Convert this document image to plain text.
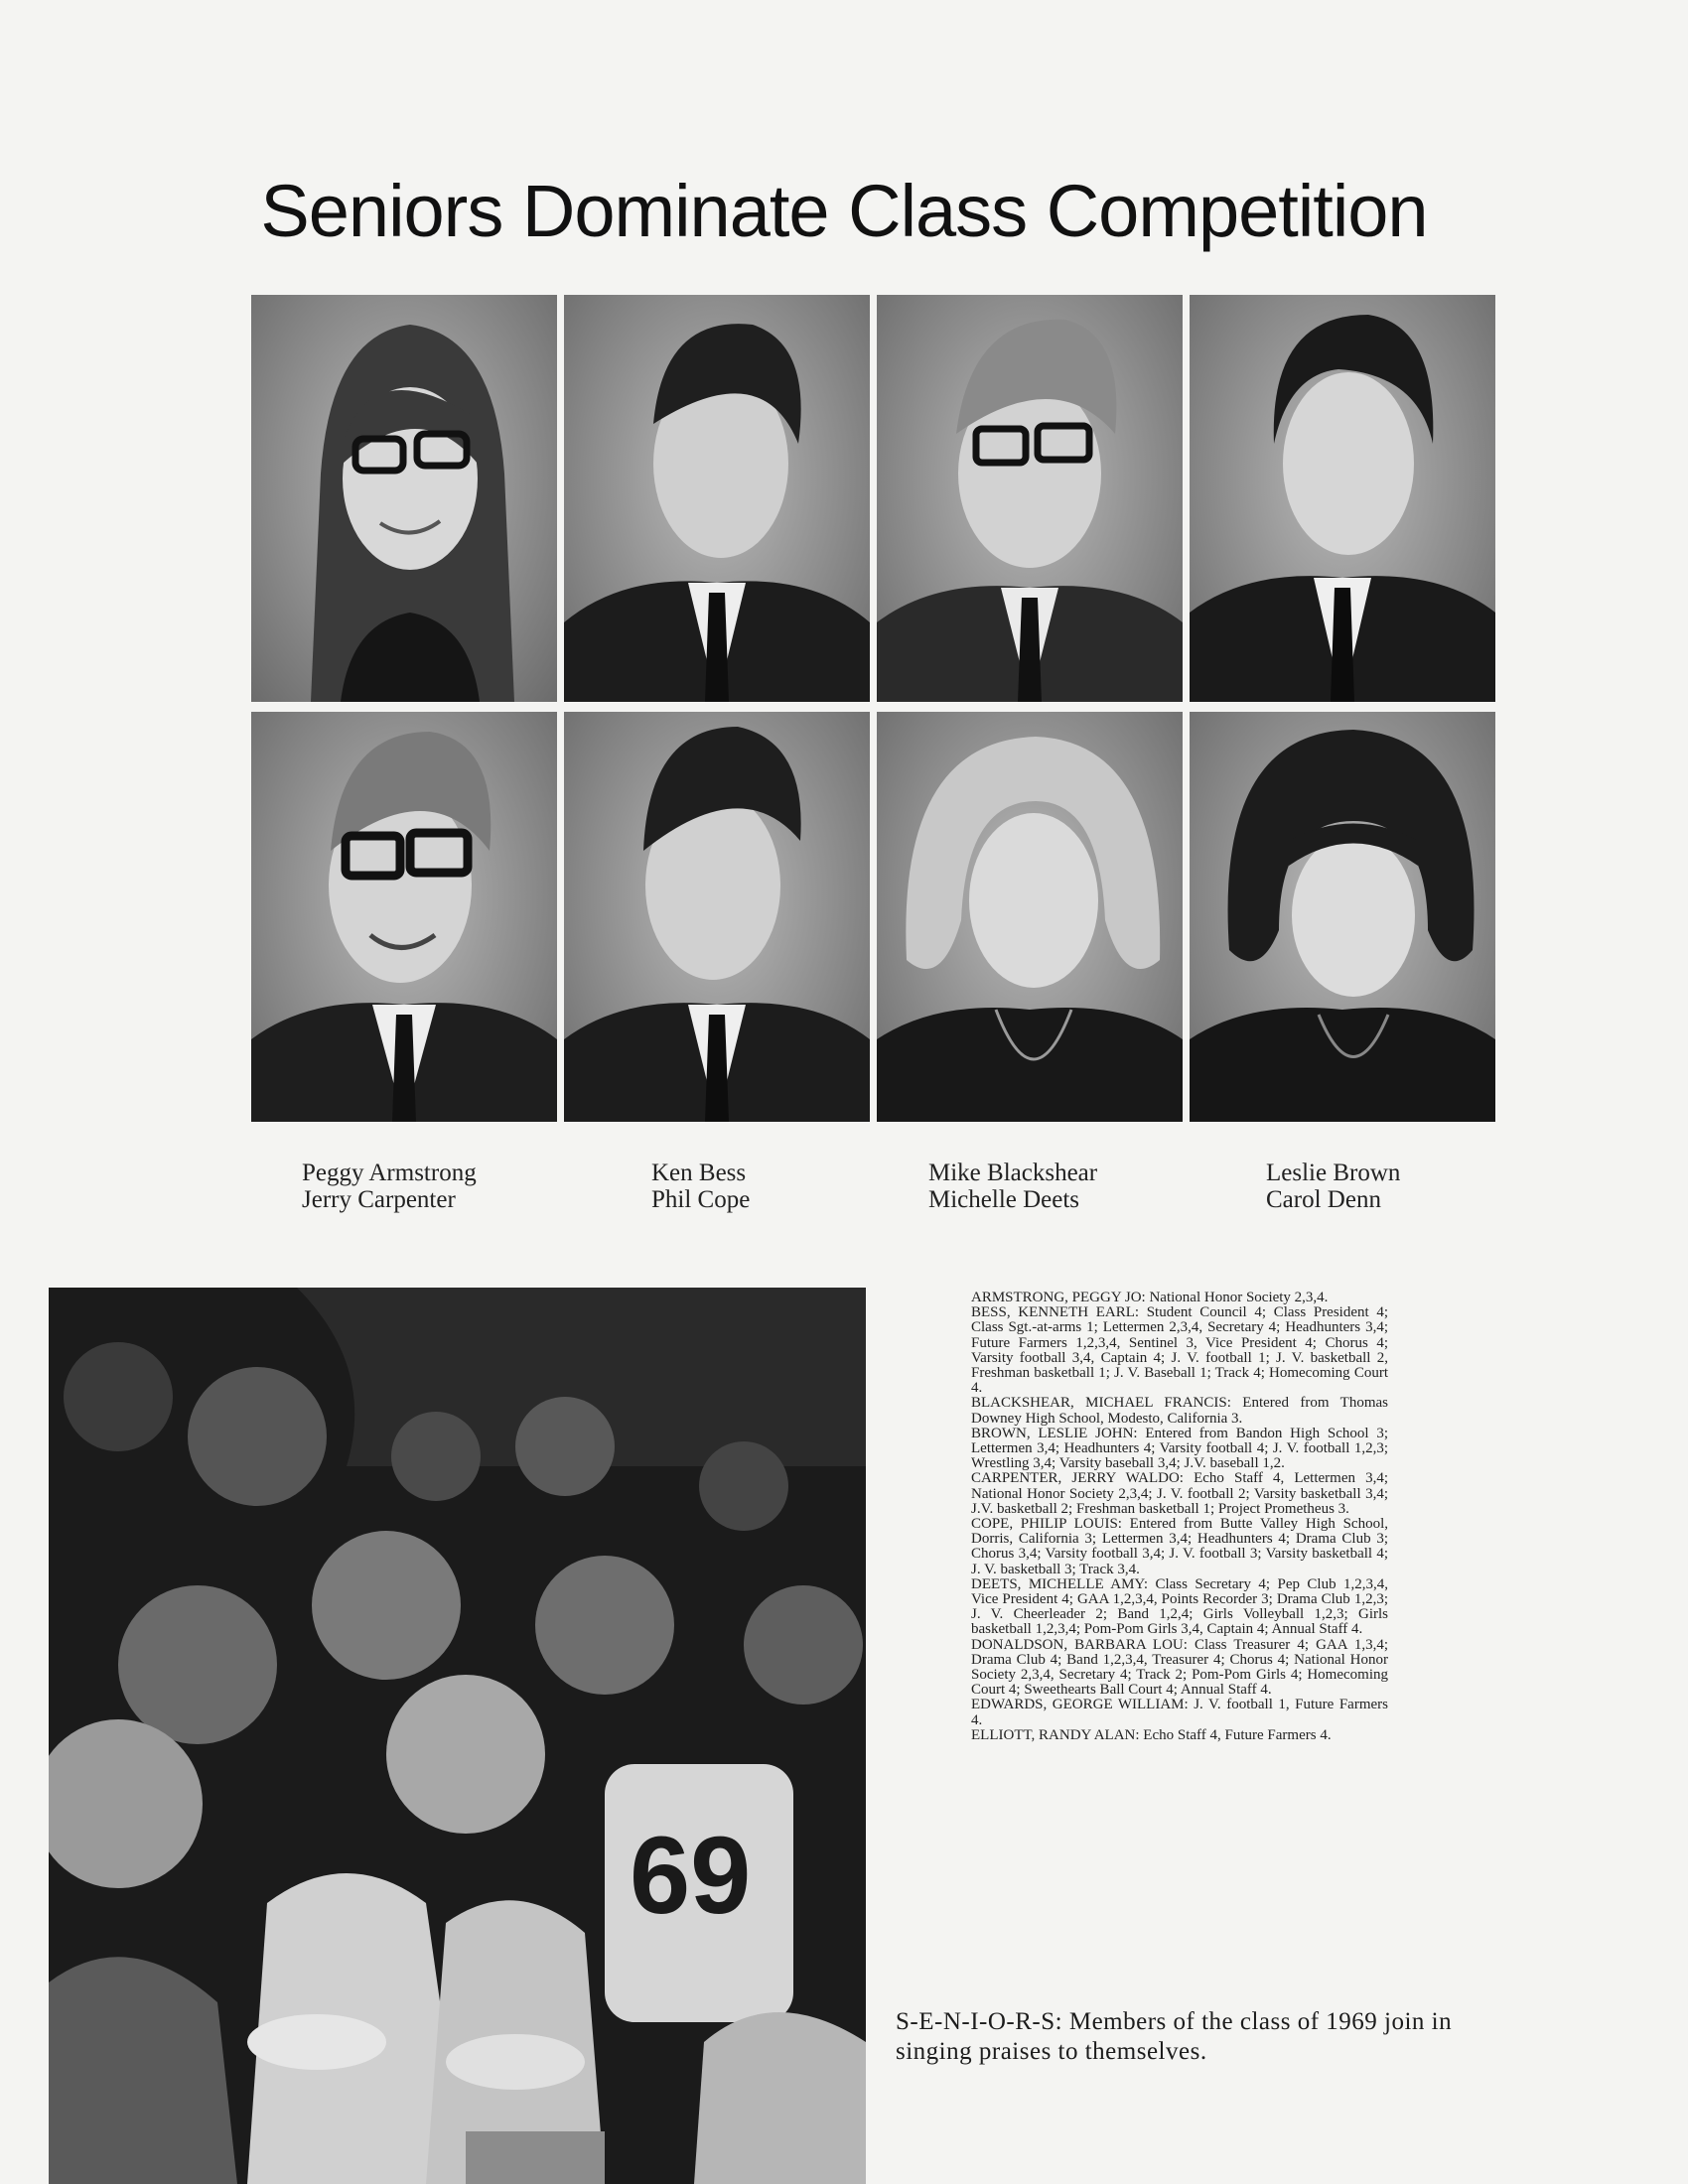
Seniors Dominate Class Competition
Peggy Armstrong
Jerry Carpenter
Ken Bess
Phil Cope
Mike Blackshear
Michelle Deets
Leslie Brown
Carol Denn
69

ARMSTRONG, PEGGY JO: National Honor Society 2,3,4.

BESS, KENNETH EARL: Student Council 4; Class President 4; Class Sgt.-at-arms 1; Lettermen 2,3,4, Secretary 4; Headhunters 3,4; Future Farmers 1,2,3,4, Sentinel 3, Vice President 4; Chorus 4; Varsity football 3,4, Captain 4; J. V. football 1; J. V. basketball 2, Freshman basketball 1; J. V. Baseball 1; Track 4; Homecoming Court 4.

BLACKSHEAR, MICHAEL FRANCIS: Entered from Thomas Downey High School, Modesto, California 3.

BROWN, LESLIE JOHN: Entered from Bandon High School 3; Lettermen 3,4; Headhunters 4; Varsity football 4; J. V. football 1,2,3; Wrestling 3,4; Varsity baseball 3,4; J.V. baseball 1,2.

CARPENTER, JERRY WALDO: Echo Staff 4, Lettermen 3,4; National Honor Society 2,3,4; J. V. football 2; Varsity basketball 3,4; J.V. basketball 2; Freshman basketball 1; Project Prometheus 3.

COPE, PHILIP LOUIS: Entered from Butte Valley High School, Dorris, California 3; Lettermen 3,4; Headhunters 4; Drama Club 3; Chorus 3,4; Varsity football 3,4; J. V. football 3; Varsity basketball 4; J. V. basketball 3; Track 3,4.

DEETS, MICHELLE AMY: Class Secretary 4; Pep Club 1,2,3,4, Vice President 4; GAA 1,2,3,4, Points Recorder 3; Drama Club 1,2,3; J. V. Cheerleader 2; Band 1,2,4; Girls Volleyball 1,2,3; Girls basketball 1,2,3,4; Pom-Pom Girls 3,4, Captain 4; Annual Staff 4.

DONALDSON, BARBARA LOU: Class Treasurer 4; GAA 1,3,4; Drama Club 4; Band 1,2,3,4, Treasurer 4; Chorus 4; National Honor Society 2,3,4, Secretary 4; Track 2; Pom-Pom Girls 4; Homecoming Court 4; Sweethearts Ball Court 4; Annual Staff 4.

EDWARDS, GEORGE WILLIAM: J. V. football 1, Future Farmers 4.

ELLIOTT, RANDY ALAN: Echo Staff 4, Future Farmers 4.

S-E-N-I-O-R-S: Members of the class of 1969 join in singing praises to themselves.
